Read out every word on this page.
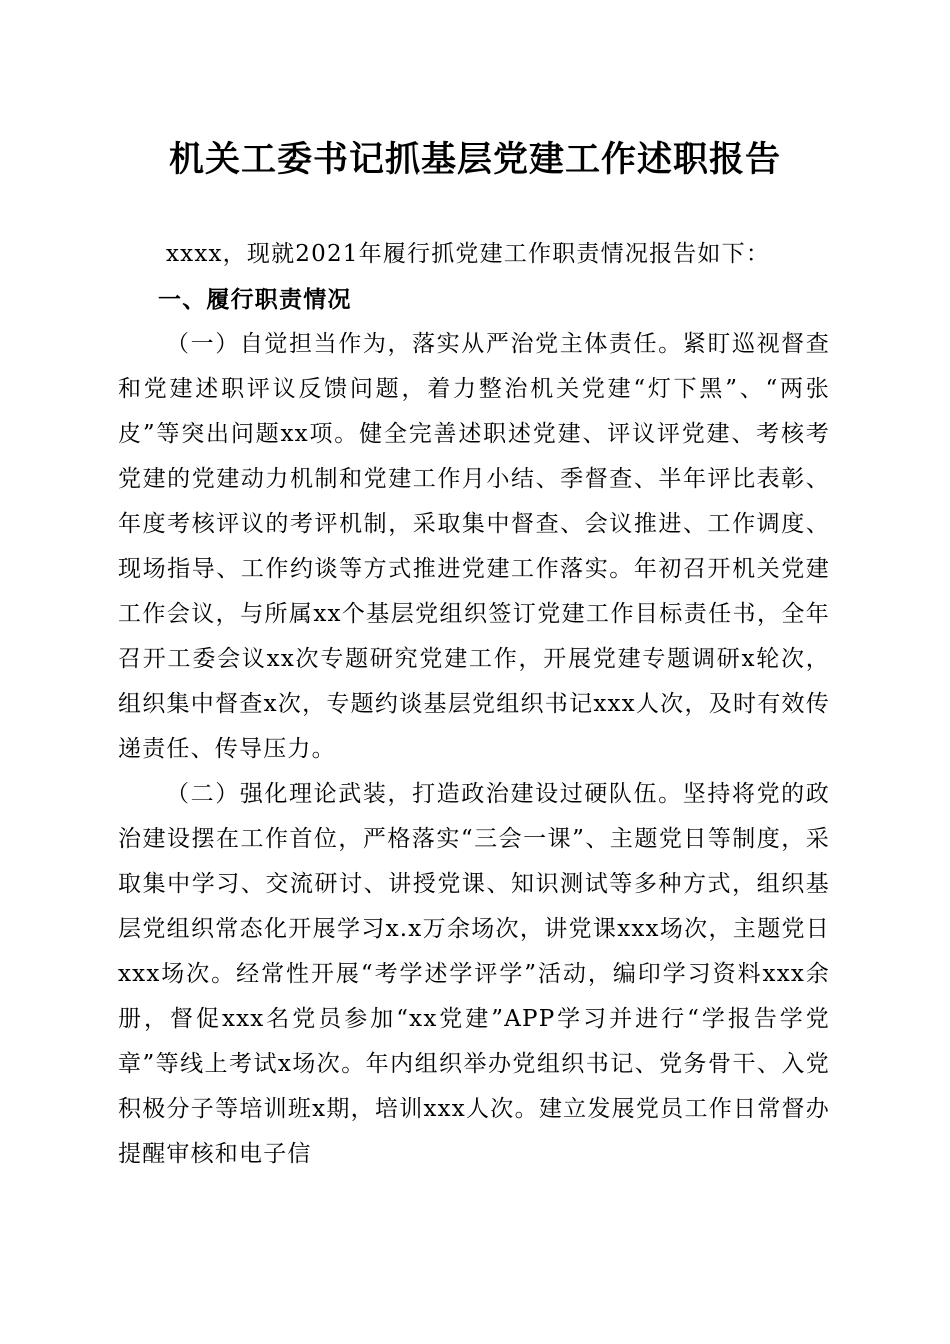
机关工委书记抓基层党建工作述职报告

xxxx，现就2021年履行抓党建工作职责情况报告如下：

一、履行职责情况

（一）自觉担当作为，落实从严治党主体责任。紧盯巡视督查和党建述职评议反馈问题，着力整治机关党建“灯下黑”、“两张皮”等突出问题xx项。健全完善述职述党建、评议评党建、考核考党建的党建动力机制和党建工作月小结、季督查、半年评比表彰、年度考核评议的考评机制，采取集中督查、会议推进、工作调度、现场指导、工作约谈等方式推进党建工作落实。年初召开机关党建工作会议，与所属xx个基层党组织签订党建工作目标责任书，全年召开工委会议xx次专题研究党建工作，开展党建专题调研x轮次，组织集中督查x次，专题约谈基层党组织书记xxx人次，及时有效传递责任、传导压力。

（二）强化理论武装，打造政治建设过硬队伍。坚持将党的政治建设摆在工作首位，严格落实“三会一课”、主题党日等制度，采取集中学习、交流研讨、讲授党课、知识测试等多种方式，组织基层党组织常态化开展学习x.x万余场次，讲党课xxx场次，主题党日xxx场次。经常性开展“考学述学评学”活动，编印学习资料xxx余册，督促xxx名党员参加“xx党建”APP学习并进行“学报告学党章”等线上考试x场次。年内组织举办党组织书记、党务骨干、入党积极分子等培训班x期，培训xxx人次。建立发展党员工作日常督办提醒审核和电子信
